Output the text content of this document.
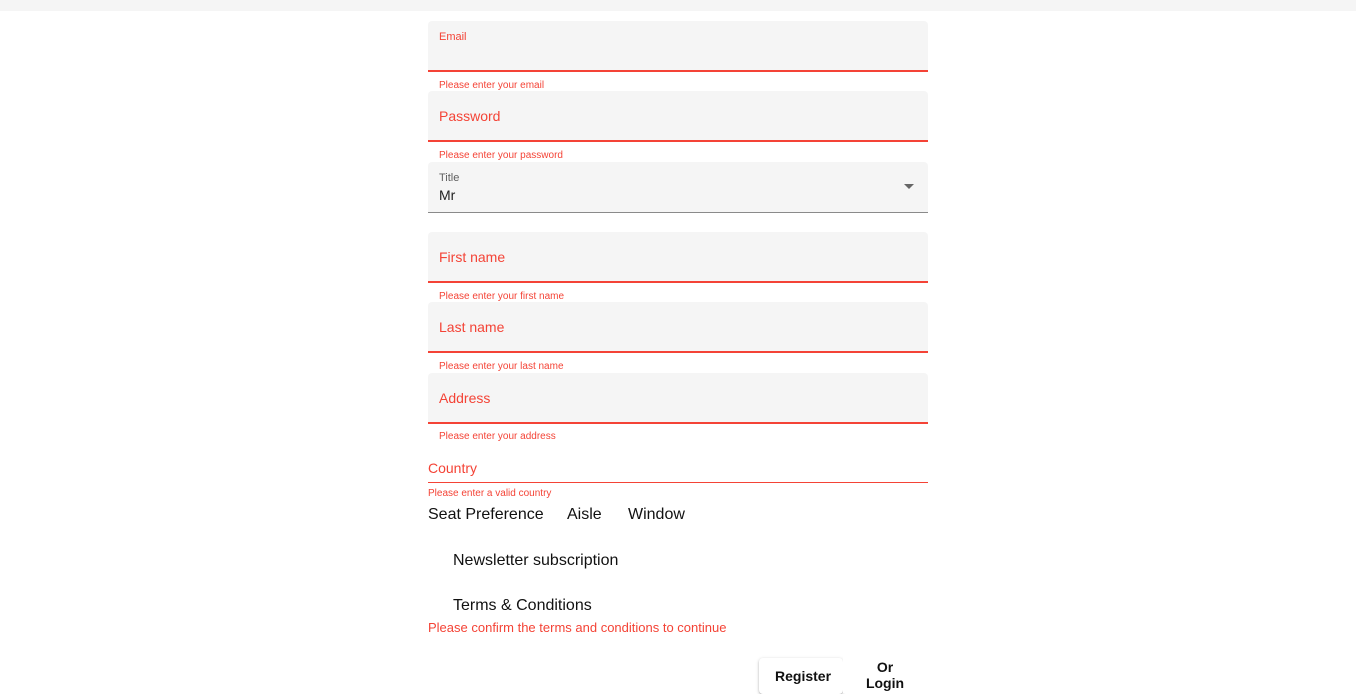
Email
Please enter your email
Password
Please enter your password
Title
Mr
First name
Please enter your first name
Last name
Please enter your last name
Address
Please enter your address
Country
Please enter a valid country
Seat Preference Aisle Window
Newsletter subscription
Terms & Conditions
Please confirm the terms and conditions to continue
Register
Or Login
